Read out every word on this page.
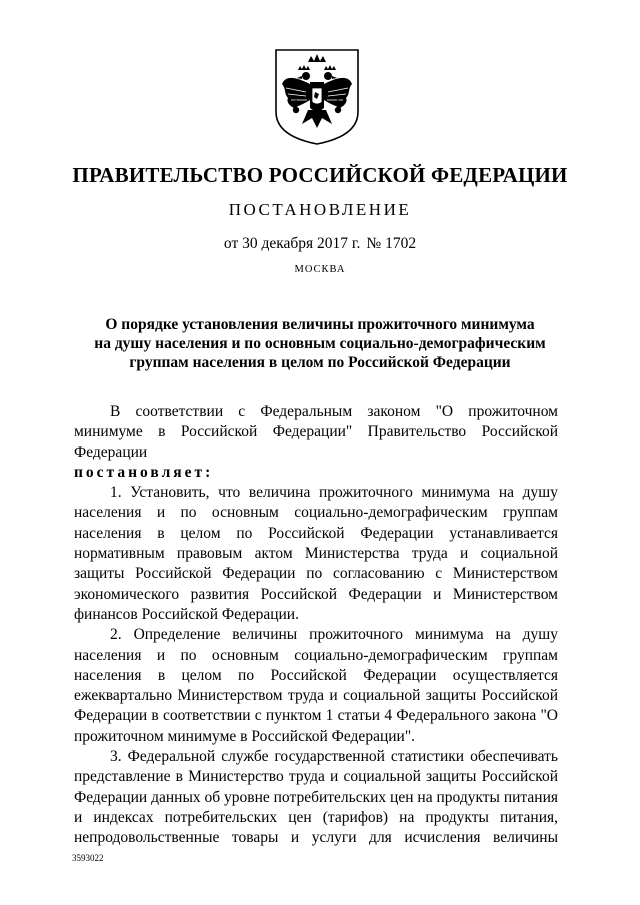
ПРАВИТЕЛЬСТВО РОССИЙСКОЙ ФЕДЕРАЦИИ
ПОСТАНОВЛЕНИЕ
от 30 декабря 2017 г. № 1702
МОСКВА
О порядке установления величины прожиточного минимума
на душу населения и по основным социально-демографическим
группам населения в целом по Российской Федерации

В соответствии с Федеральным законом "О прожиточном минимуме в Российской Федерации" Правительство Российской Федерации

постановляет:

1. Установить, что величина прожиточного минимума на душу населения и по основным социально-демографическим группам населения в целом по Российской Федерации устанавливается нормативным правовым актом Министерства труда и социальной защиты Российской Федерации по согласованию с Министерством экономического развития Российской Федерации и Министерством финансов Российской Федерации.

2. Определение величины прожиточного минимума на душу населения и по основным социально-демографическим группам населения в целом по Российской Федерации осуществляется ежеквартально Министерством труда и социальной защиты Российской Федерации в соответствии с пунктом 1 статьи 4 Федерального закона "О прожиточном минимуме в Российской Федерации".

3. Федеральной службе государственной статистики обеспечивать представление в Министерство труда и социальной защиты Российской Федерации данных об уровне потребительских цен на продукты питания и индексах потребительских цен (тарифов) на продукты питания, непродовольственные товары и услуги для исчисления величины

3593022
